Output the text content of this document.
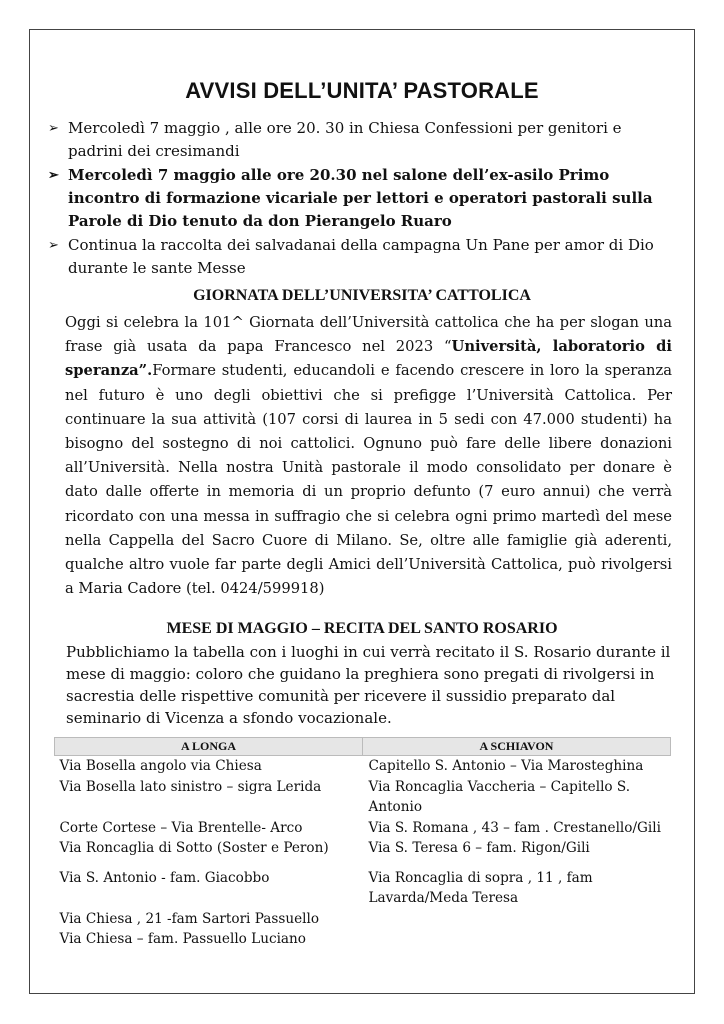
AVVISI DELL’UNITA’ PASTORALE
➢ Mercoledì 7 maggio , alle ore 20. 30 in Chiesa Confessioni per genitori e padrini dei cresimandi
➢ Mercoledì 7 maggio alle ore 20.30 nel salone dell’ex-asilo Primo incontro di formazione vicariale per lettori e operatori pastorali sulla Parole di Dio tenuto da don Pierangelo Ruaro
➢ Continua la raccolta dei salvadanai della campagna Un Pane per amor di Dio durante le sante Messe
GIORNATA DELL’UNIVERSITA’ CATTOLICA
Oggi si celebra la 101^ Giornata dell’Università cattolica che ha per slogan una frase già usata da papa Francesco nel 2023 “Università, laboratorio di speranza”.Formare studenti, educandoli e facendo crescere in loro la speranza nel futuro è uno degli obiettivi che si prefigge l’Università Cattolica. Per continuare la sua attività (107 corsi di laurea in 5 sedi con 47.000 studenti) ha bisogno del sostegno di noi cattolici. Ognuno può fare delle libere donazioni all’Università. Nella nostra Unità pastorale il modo consolidato per donare è dato dalle offerte in memoria di un proprio defunto (7 euro annui) che verrà ricordato con una messa in suffragio che si celebra ogni primo martedì del mese nella Cappella del Sacro Cuore di Milano. Se, oltre alle famiglie già aderenti, qualche altro vuole far parte degli Amici dell’Università Cattolica, può rivolgersi a Maria Cadore (tel. 0424/599918)
MESE DI MAGGIO – RECITA DEL SANTO ROSARIO
Pubblichiamo la tabella con i luoghi in cui verrà recitato il S. Rosario durante il mese di maggio: coloro che guidano la preghiera sono pregati di rivolgersi in sacrestia delle rispettive comunità per ricevere il sussidio preparato dal seminario di Vicenza a sfondo vocazionale.
A LONGA	A SCHIAVON
Via Bosella angolo via Chiesa	Capitello S. Antonio – Via Marosteghina
Via Bosella lato sinistro – sigra Lerida	Via Roncaglia Vaccheria – Capitello S. Antonio
Corte Cortese – Via Brentelle- Arco	Via S. Romana , 43 – fam . Crestanello/Gili
Via Roncaglia di Sotto (Soster e Peron)	Via S. Teresa 6 – fam. Rigon/Gili
Via S. Antonio - fam. Giacobbo	Via Roncaglia di sopra , 11 , fam Lavarda/Meda Teresa
Via Chiesa , 21 -fam Sartori Passuello	
Via Chiesa – fam. Passuello Luciano	
